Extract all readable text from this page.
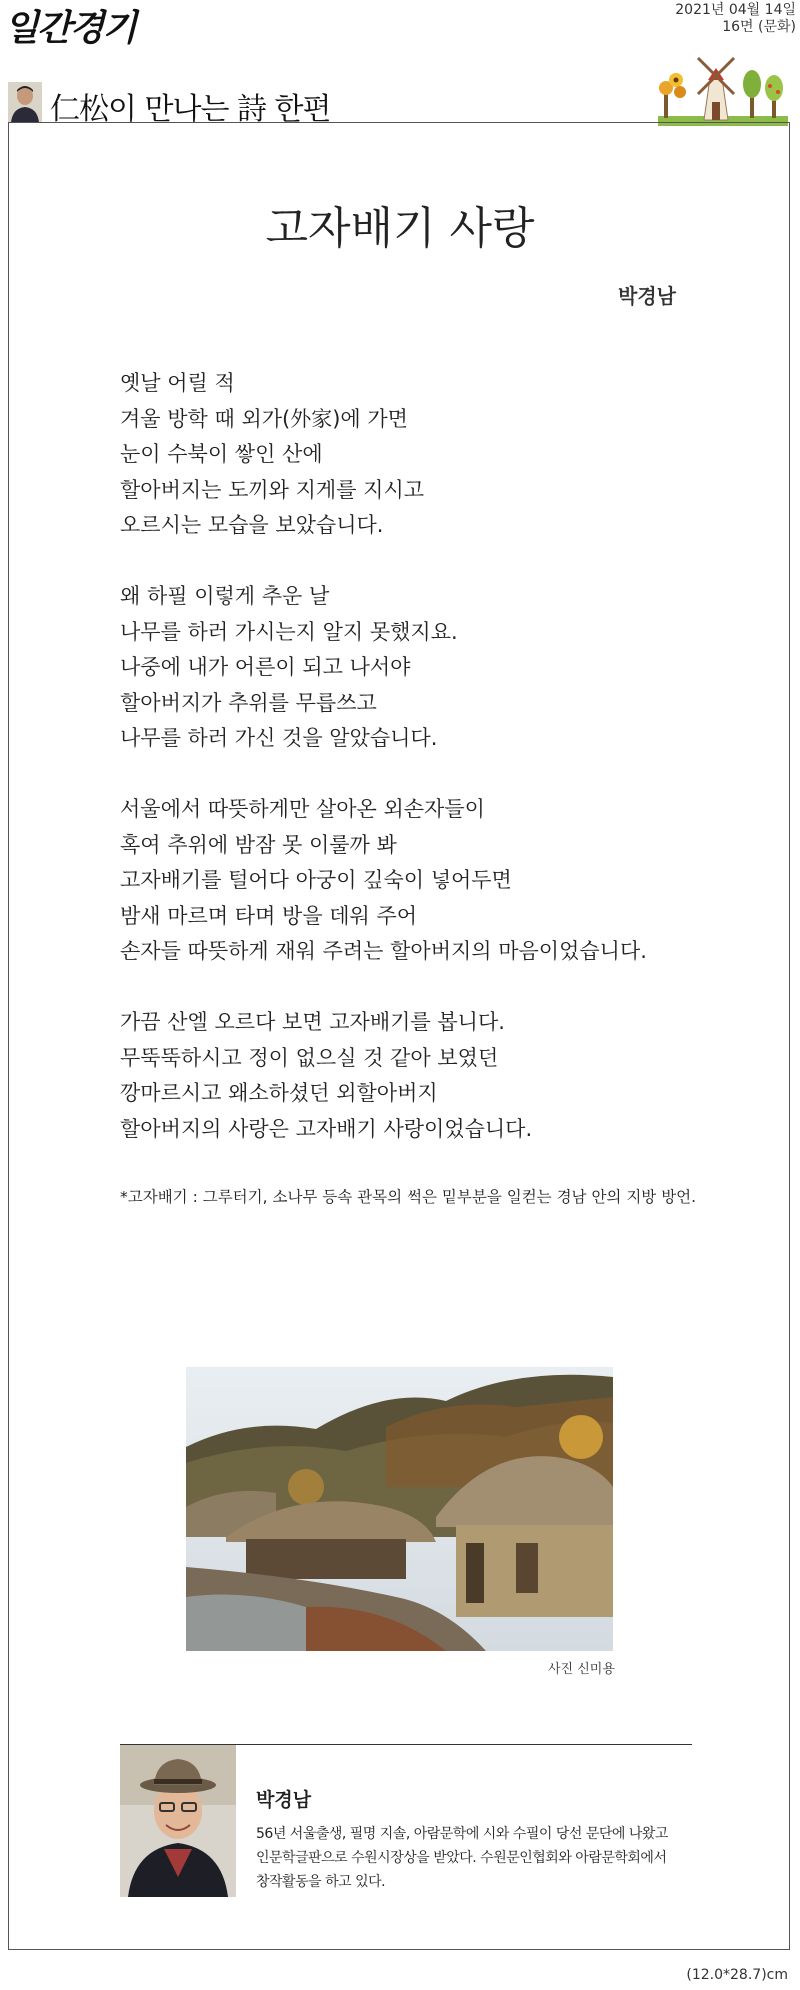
일간경기	2021년 04월 14일
16면 (문화)
仁松이 만나는 詩 한편
고자배기 사랑
박경남
옛날 어릴 적
겨울 방학 때 외가(外家)에 가면
눈이 수북이 쌓인 산에
할아버지는 도끼와 지게를 지시고
오르시는 모습을 보았습니다.
왜 하필 이렇게 추운 날
나무를 하러 가시는지 알지 못했지요.
나중에 내가 어른이 되고 나서야
할아버지가 추위를 무릅쓰고
나무를 하러 가신 것을 알았습니다.
서울에서 따뜻하게만 살아온 외손자들이
혹여 추위에 밤잠 못 이룰까 봐
고자배기를 털어다 아궁이 깊숙이 넣어두면
밤새 마르며 타며 방을 데워 주어
손자들 따뜻하게 재워 주려는 할아버지의 마음이었습니다.
가끔 산엘 오르다 보면 고자배기를 봅니다.
무뚝뚝하시고 정이 없으실 것 같아 보였던
깡마르시고 왜소하셨던 외할아버지
할아버지의 사랑은 고자배기 사랑이었습니다.
*고자배기 : 그루터기, 소나무 등속 관목의 썩은 밑부분을 일컫는 경남 안의 지방 방언.
사진 신미용
박경남
56년 서울출생, 필명 지솔, 아람문학에 시와 수필이 당선 문단에 나왔고
인문학글판으로 수원시장상을 받았다. 수원문인협회와 아람문학회에서
창작활동을 하고 있다.
(12.0*28.7)cm
